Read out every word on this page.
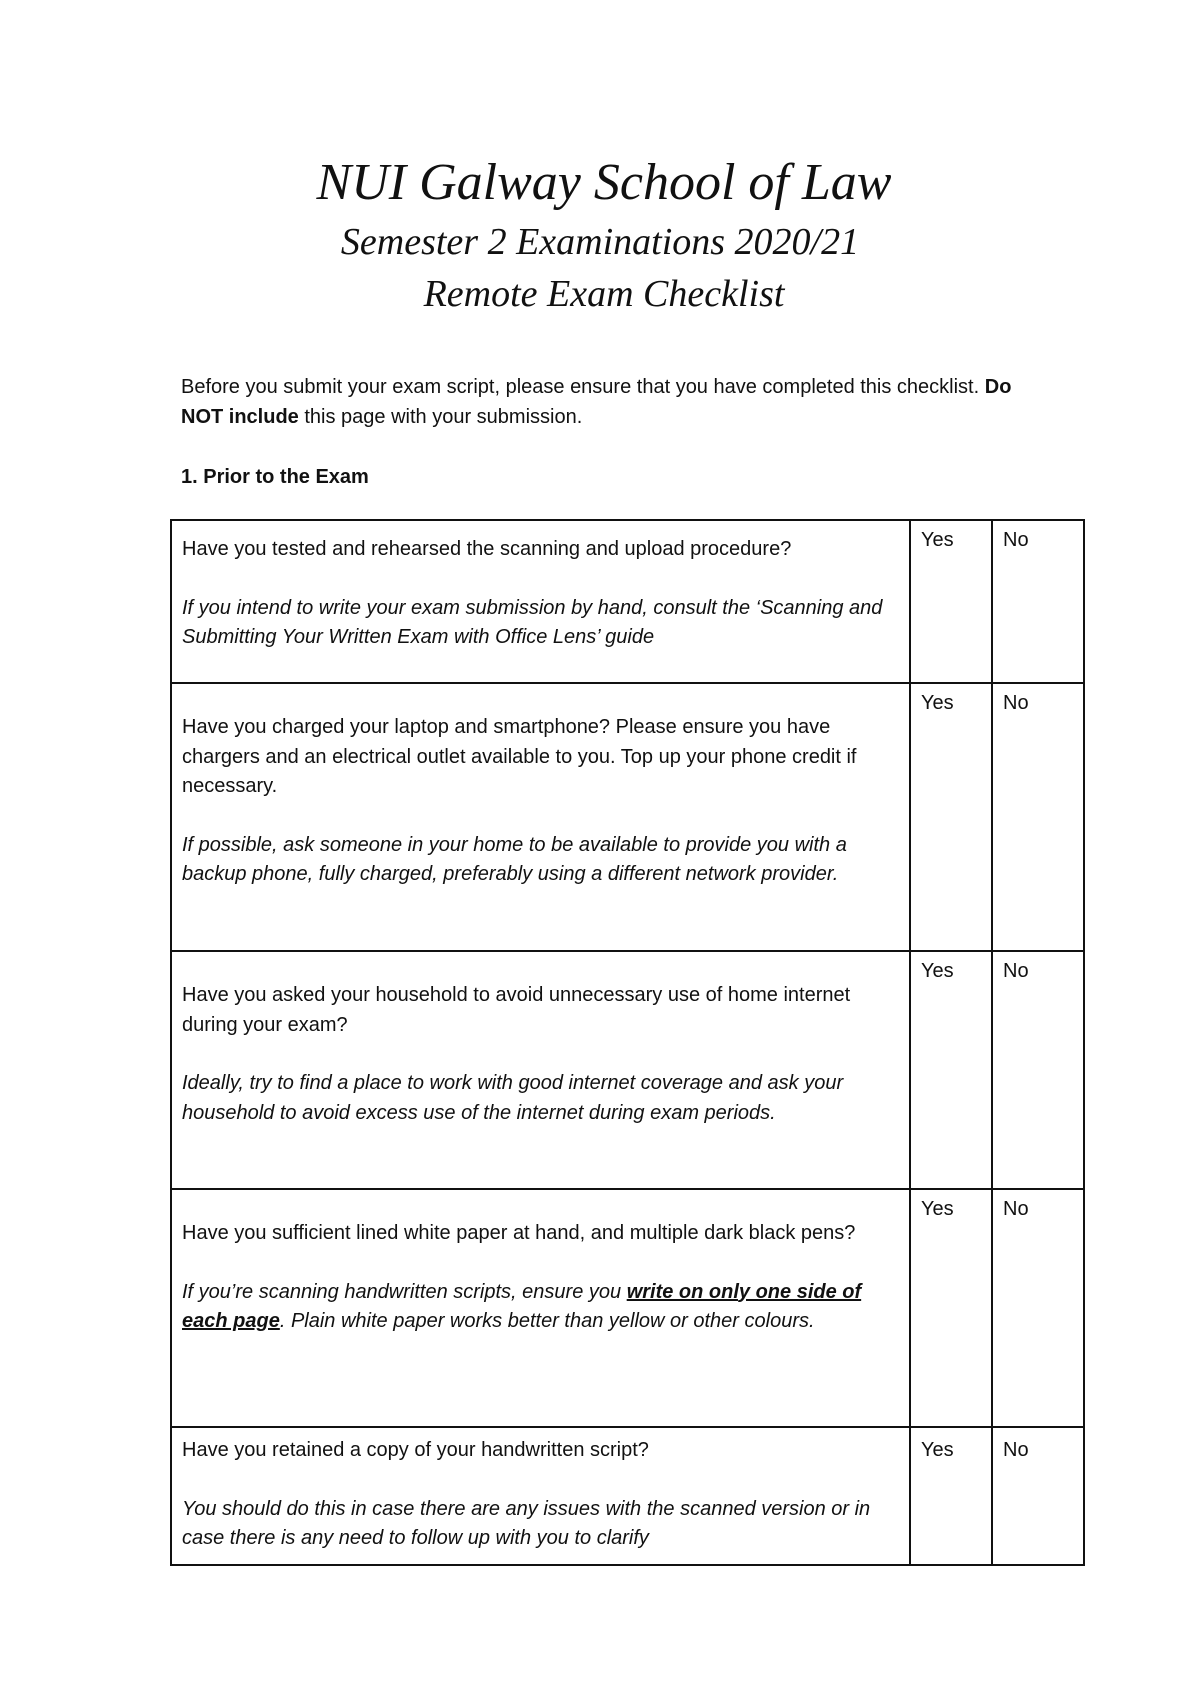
NUI Galway School of Law
Semester 2 Examinations 2020/21
Remote Exam Checklist
Before you submit your exam script, please ensure that you have completed this checklist. Do NOT include this page with your submission.
1. Prior to the Exam

Have you tested and rehearsed the scanning and upload procedure?

If you intend to write your exam submission by hand, consult the ‘Scanning and Submitting Your Written Exam with Office Lens’ guide	Yes	No

Have you charged your laptop and smartphone? Please ensure you have chargers and an electrical outlet available to you. Top up your phone credit if necessary.

If possible, ask someone in your home to be available to provide you with a backup phone, fully charged, preferably using a different network provider.	Yes	No

Have you asked your household to avoid unnecessary use of home internet during your exam?

Ideally, try to find a place to work with good internet coverage and ask your household to avoid excess use of the internet during exam periods.	Yes	No

Have you sufficient lined white paper at hand, and multiple dark black pens?

If you’re scanning handwritten scripts, ensure you write on only one side of each page. Plain white paper works better than yellow or other colours.	Yes	No

Have you retained a copy of your handwritten script?

You should do this in case there are any issues with the scanned version or in case there is any need to follow up with you to clarify	Yes	No
